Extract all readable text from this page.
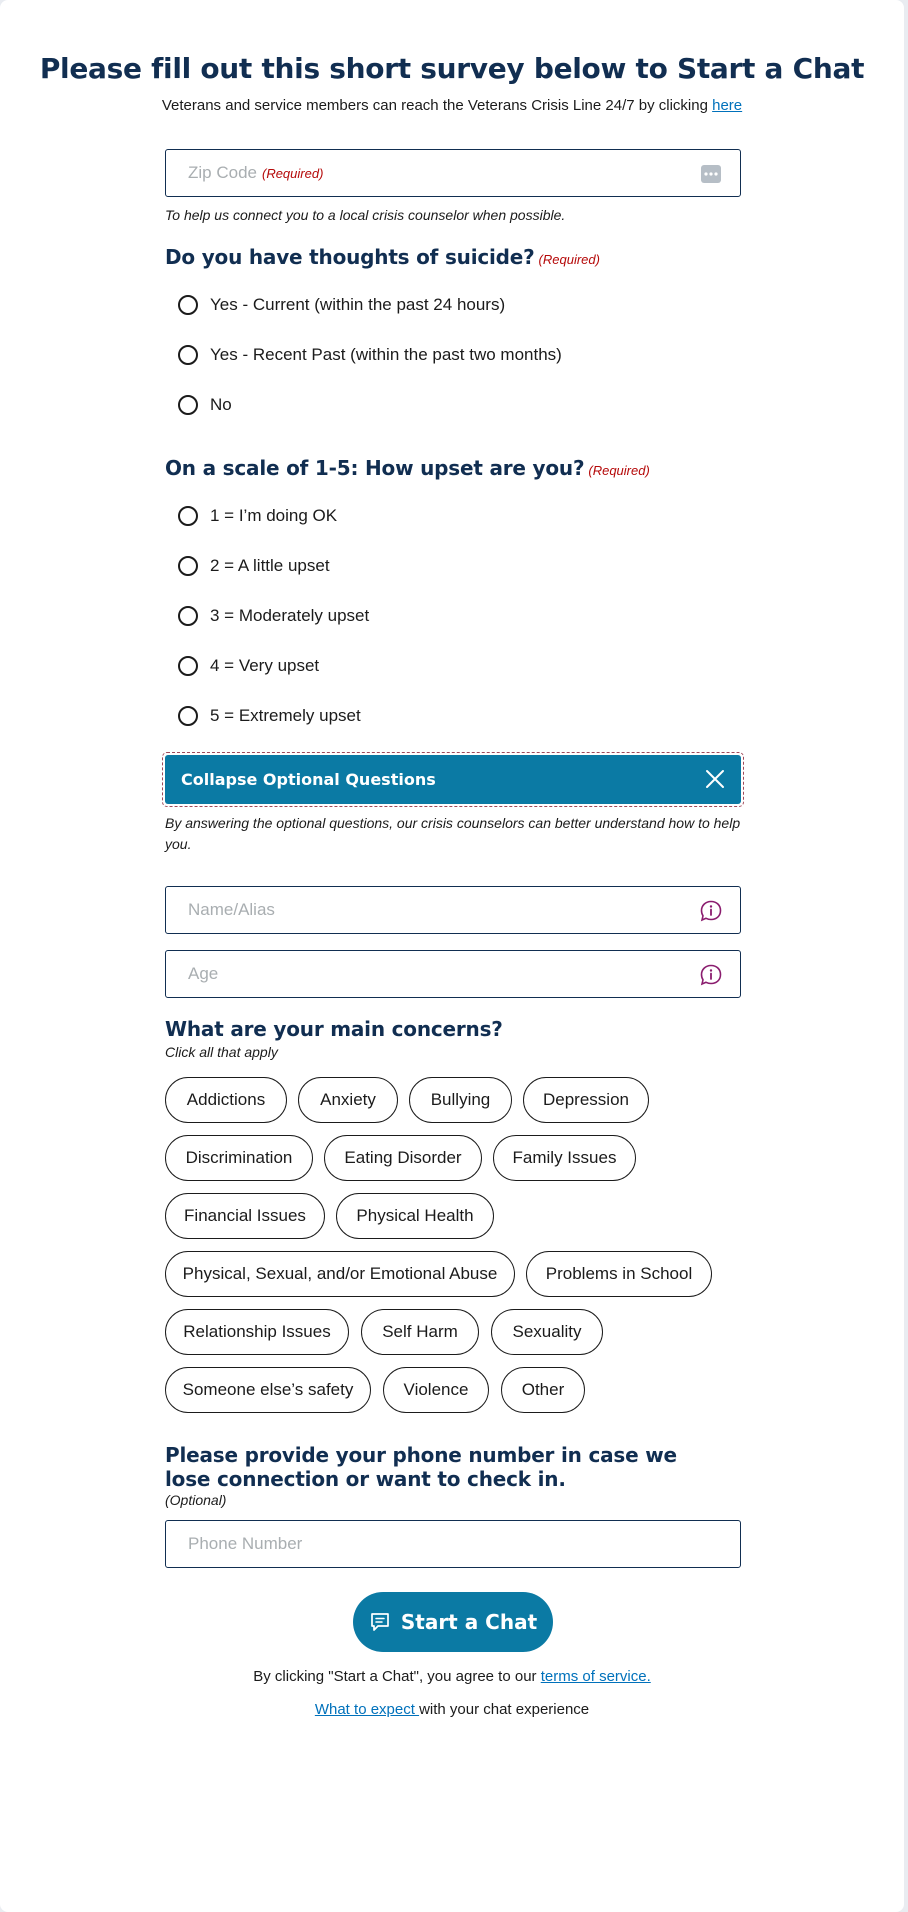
Please fill out this short survey below to Start a Chat
Veterans and service members can reach the Veterans Crisis Line 24/7 by clicking here
Zip Code (Required)
To help us connect you to a local crisis counselor when possible.
Do you have thoughts of suicide? (Required)
Yes - Current (within the past 24 hours)
Yes - Recent Past (within the past two months)
No
On a scale of 1-5: How upset are you? (Required)
1 = I’m doing OK
2 = A little upset
3 = Moderately upset
4 = Very upset
5 = Extremely upset
Collapse Optional Questions
By answering the optional questions, our crisis counselors can better understand how to help you.
Name/Alias
Age
What are your main concerns?
Click all that apply
Addictions	Anxiety	Bullying	Depression
Discrimination	Eating Disorder	Family Issues
Financial Issues	Physical Health
Physical, Sexual, and/or Emotional Abuse	Problems in School
Relationship Issues	Self Harm	Sexuality
Someone else’s safety	Violence	Other
Please provide your phone number in case we lose connection or want to check in.
(Optional)
Phone Number
Start a Chat
By clicking "Start a Chat", you agree to our terms of service.
What to expect with your chat experience
